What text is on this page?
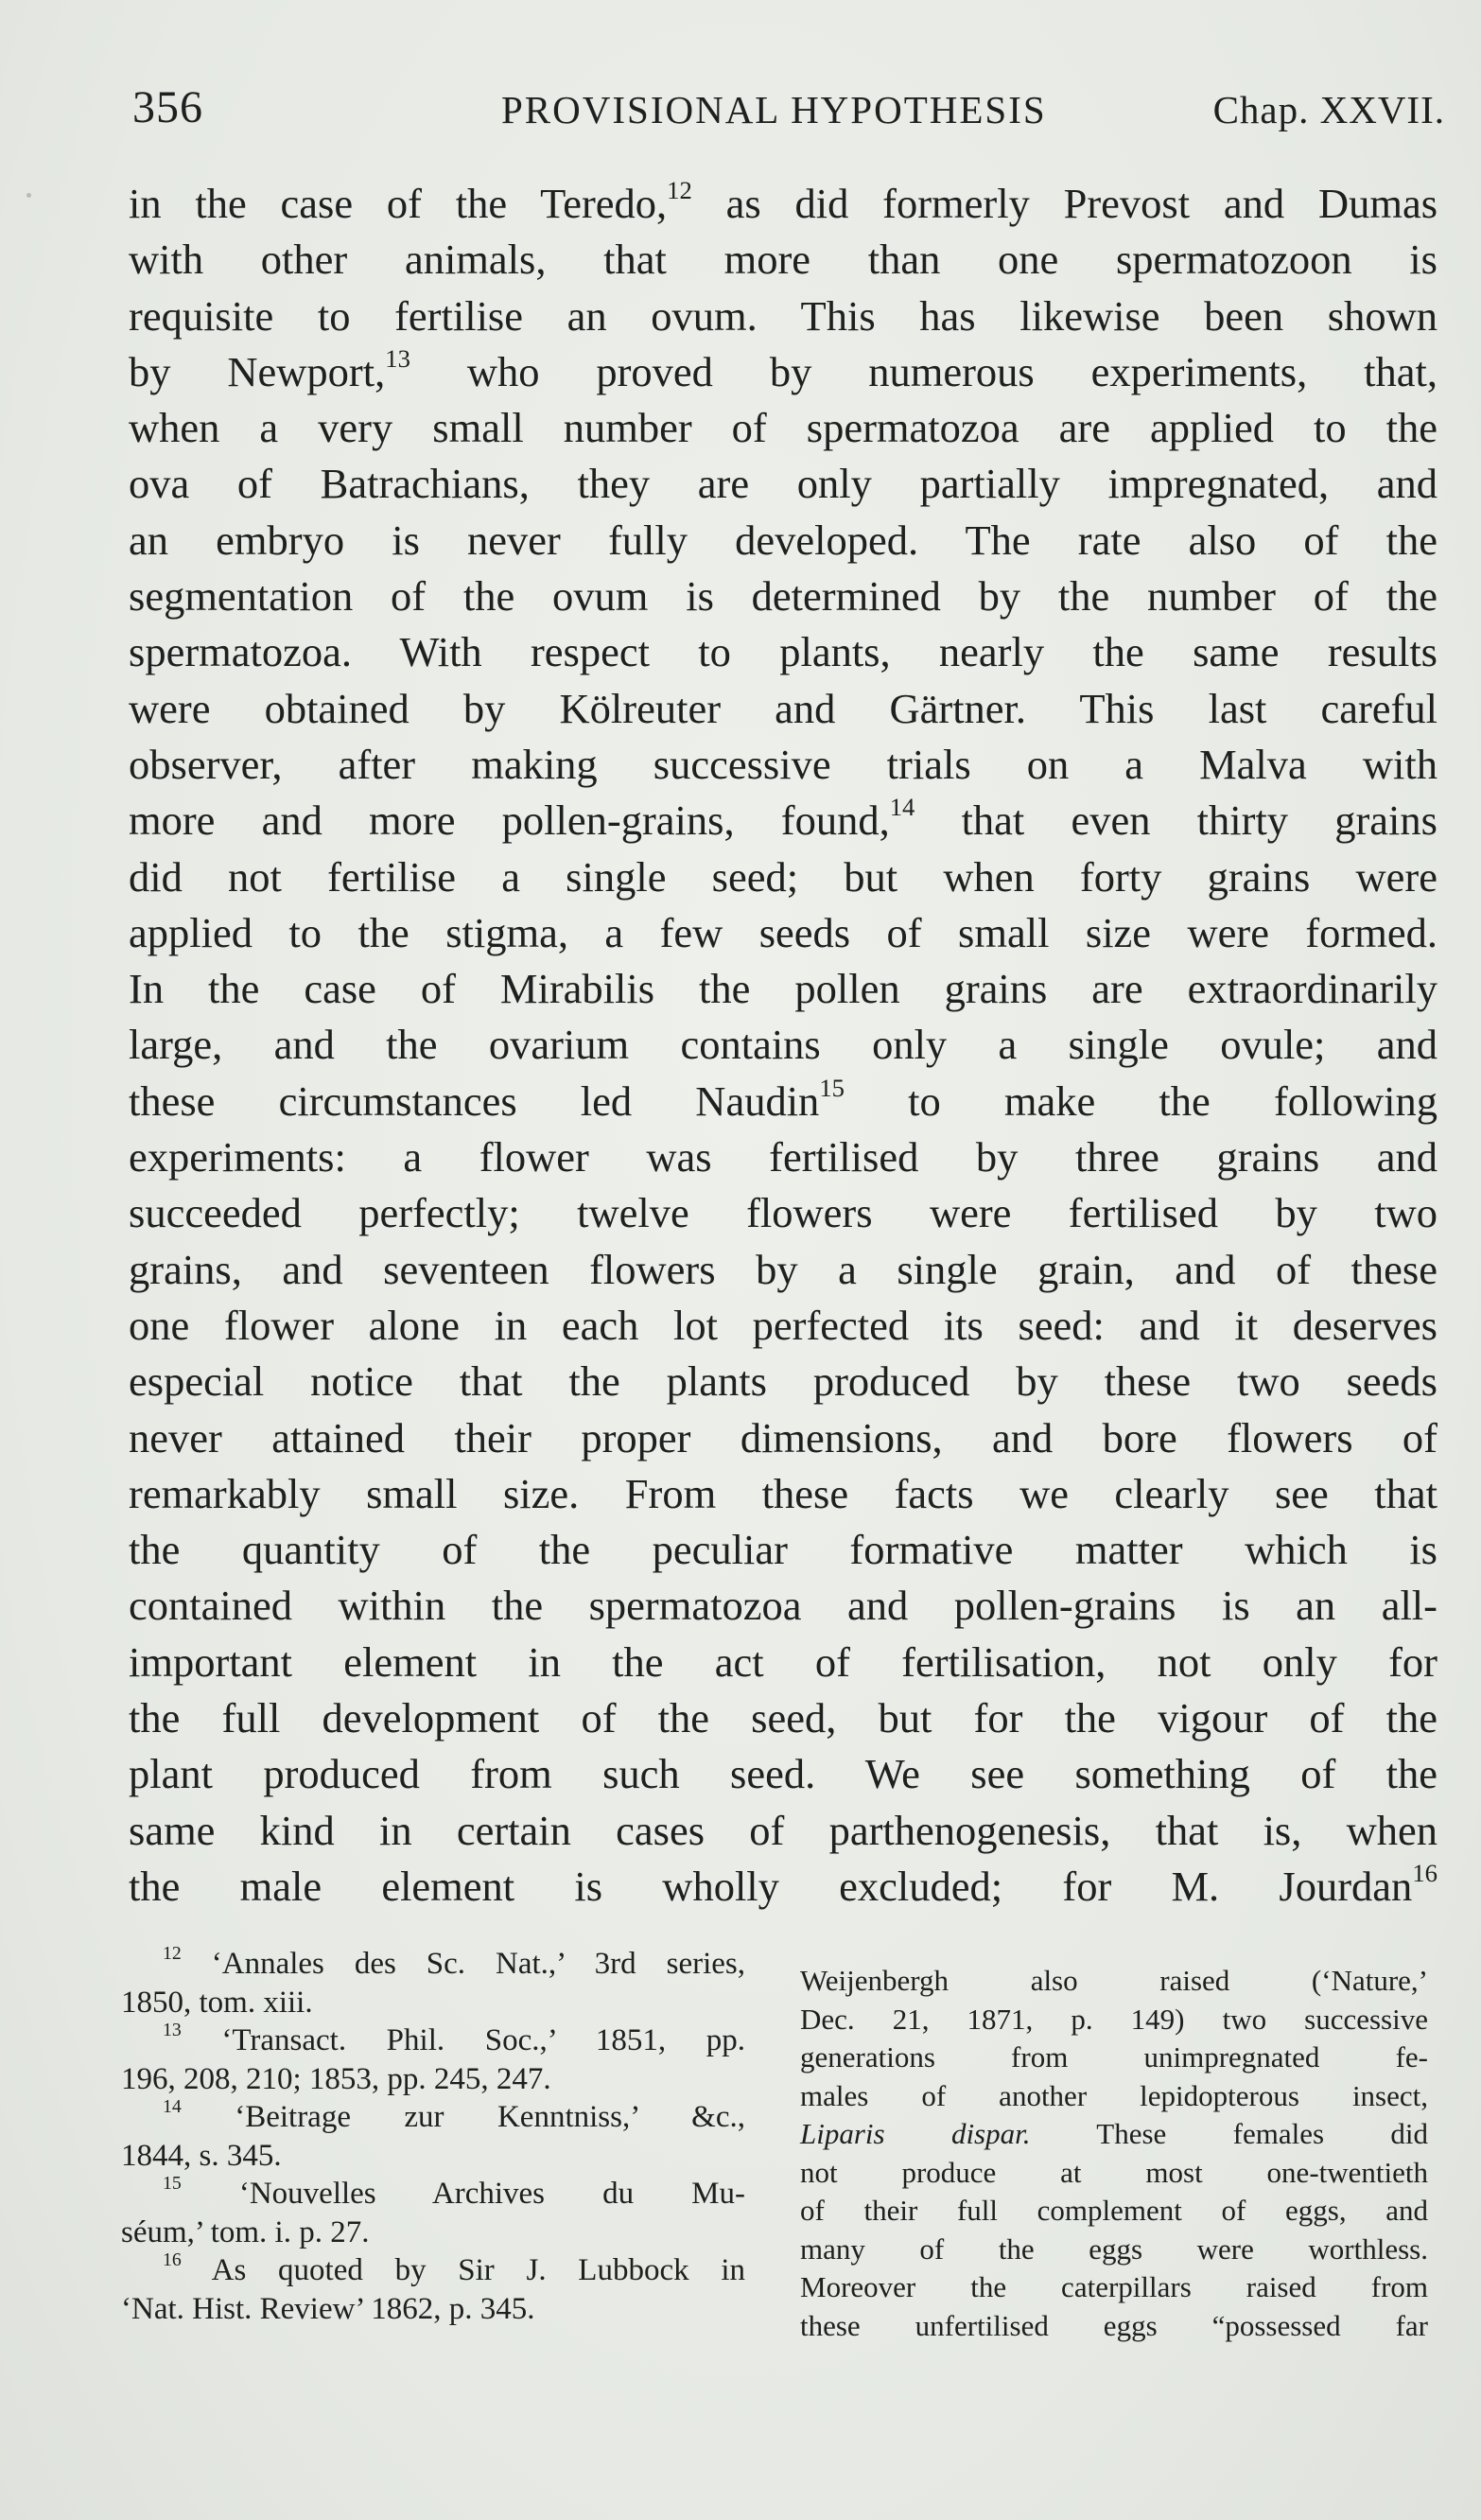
356	PROVISIONAL HYPOTHESIS	Chap. XXVII.
in the case of the Teredo,$^{12}$ as did formerly Prevost and Dumas
with other animals, that more than one spermatozoon is
requisite to fertilise an ovum. This has likewise been shown
by Newport,$^{13}$ who proved by numerous experiments, that,
when a very small number of spermatozoa are applied to the
ova of Batrachians, they are only partially impregnated, and
an embryo is never fully developed. The rate also of the
segmentation of the ovum is determined by the number of the
spermatozoa. With respect to plants, nearly the same results
were obtained by Kölreuter and Gärtner. This last careful
observer, after making successive trials on a Malva with
more and more pollen-grains, found,$^{14}$ that even thirty grains
did not fertilise a single seed; but when forty grains were
applied to the stigma, a few seeds of small size were formed.
In the case of Mirabilis the pollen grains are extraordinarily
large, and the ovarium contains only a single ovule; and
these circumstances led Naudin$^{15}$ to make the following
experiments: a flower was fertilised by three grains and
succeeded perfectly; twelve flowers were fertilised by two
grains, and seventeen flowers by a single grain, and of these
one flower alone in each lot perfected its seed: and it deserves
especial notice that the plants produced by these two seeds
never attained their proper dimensions, and bore flowers of
remarkably small size. From these facts we clearly see that
the quantity of the peculiar formative matter which is
contained within the spermatozoa and pollen-grains is an all-
important element in the act of fertilisation, not only for
the full development of the seed, but for the vigour of the
plant produced from such seed. We see something of the
same kind in certain cases of parthenogenesis, that is, when
the male element is wholly excluded; for M. Jourdan$^{16}$
$^{12}$ ‘Annales des Sc. Nat.,’ 3rd series,
1850, tom. xiii.
$^{13}$ ‘Transact. Phil. Soc.,’ 1851, pp.
196, 208, 210; 1853, pp. 245, 247.
$^{14}$ ‘Beitrage zur Kenntniss,’ &c.,
1844, s. 345.
$^{15}$ ‘Nouvelles Archives du Mu-
séum,’ tom. i. p. 27.
$^{16}$ As quoted by Sir J. Lubbock in
‘Nat. Hist. Review’ 1862, p. 345.
Weijenbergh also raised (‘Nature,’
Dec. 21, 1871, p. 149) two successive
generations from unimpregnated fe-
males of another lepidopterous insect,
Liparis dispar. These females did
not produce at most one-twentieth
of their full complement of eggs, and
many of the eggs were worthless.
Moreover the caterpillars raised from
these unfertilised eggs “possessed far
